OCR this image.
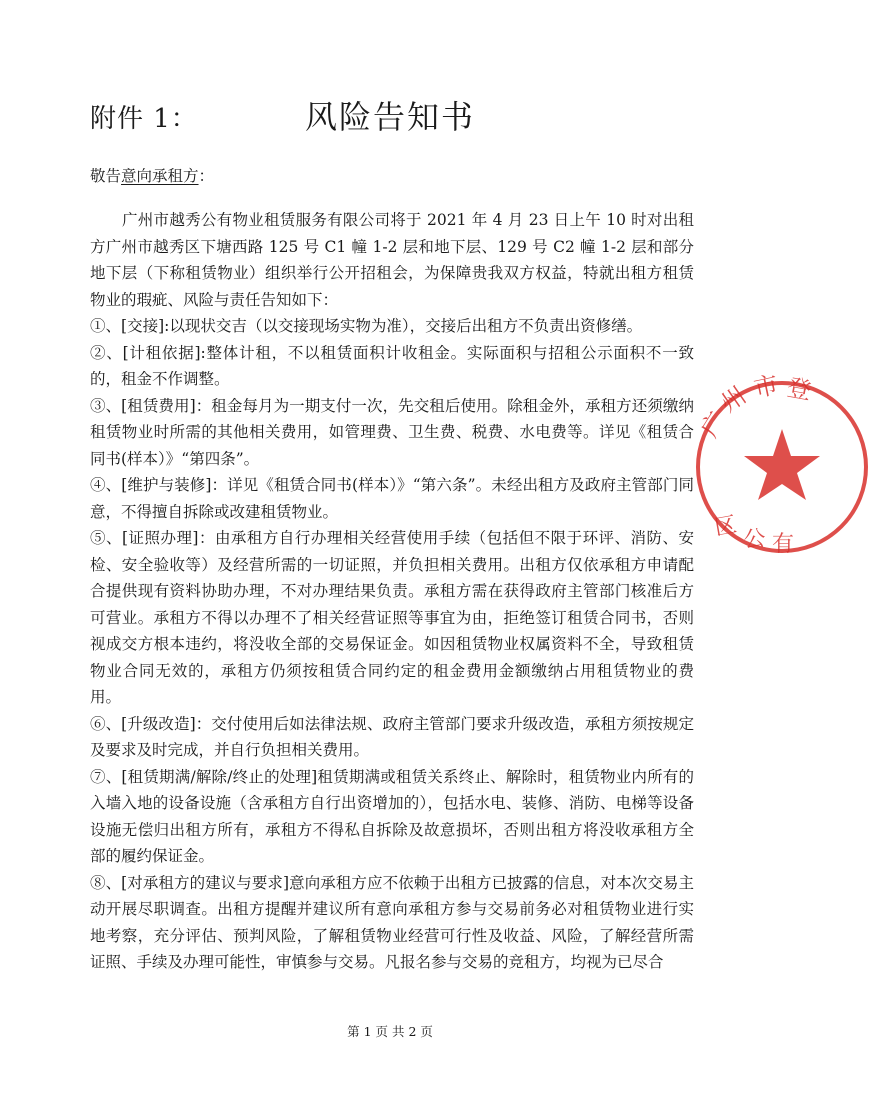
附件 1：	风险告知书
敬告意向承租方：

广州市越秀公有物业租赁服务有限公司将于 2021 年 4 月 23 日上午 10 时对出租方广州市越秀区下塘西路 125 号 C1 幢 1-2 层和地下层、129 号 C2 幢 1-2 层和部分地下层（下称租赁物业）组织举行公开招租会，为保障贵我双方权益，特就出租方租赁物业的瑕疵、风险与责任告知如下：

①、[交接]:以现状交吉（以交接现场实物为准），交接后出租方不负责出资修缮。

②、[计租依据]:整体计租，不以租赁面积计收租金。实际面积与招租公示面积不一致的，租金不作调整。

③、[租赁费用]：租金每月为一期支付一次，先交租后使用。除租金外，承租方还须缴纳租赁物业时所需的其他相关费用，如管理费、卫生费、税费、水电费等。详见《租赁合同书(样本）》“第四条”。

④、[维护与装修]：详见《租赁合同书(样本）》“第六条”。未经出租方及政府主管部门同意，不得擅自拆除或改建租赁物业。

⑤、[证照办理]：由承租方自行办理相关经营使用手续（包括但不限于环评、消防、安检、安全验收等）及经营所需的一切证照，并负担相关费用。出租方仅依承租方申请配合提供现有资料协助办理，不对办理结果负责。承租方需在获得政府主管部门核准后方可营业。承租方不得以办理不了相关经营证照等事宜为由，拒绝签订租赁合同书，否则视成交方根本违约，将没收全部的交易保证金。如因租赁物业权属资料不全，导致租赁物业合同无效的，承租方仍须按租赁合同约定的租金费用金额缴纳占用租赁物业的费用。

⑥、[升级改造]：交付使用后如法律法规、政府主管部门要求升级改造，承租方须按规定及要求及时完成，并自行负担相关费用。

⑦、[租赁期满/解除/终止的处理]租赁期满或租赁关系终止、解除时，租赁物业内所有的入墙入地的设备设施（含承租方自行出资增加的），包括水电、装修、消防、电梯等设备设施无偿归出租方所有，承租方不得私自拆除及故意损坏，否则出租方将没收承租方全部的履约保证金。

⑧、[对承租方的建议与要求]意向承租方应不依赖于出租方已披露的信息，对本次交易主动开展尽职调查。出租方提醒并建议所有意向承租方参与交易前务必对租赁物业进行实地考察，充分评估、预判风险，了解租赁物业经营可行性及收益、风险，了解经营所需证照、手续及办理可能性，审慎参与交易。凡报名参与交易的竞租方，均视为已尽合

广
州 市 登
区 公 有
第 1 页 共 2 页
